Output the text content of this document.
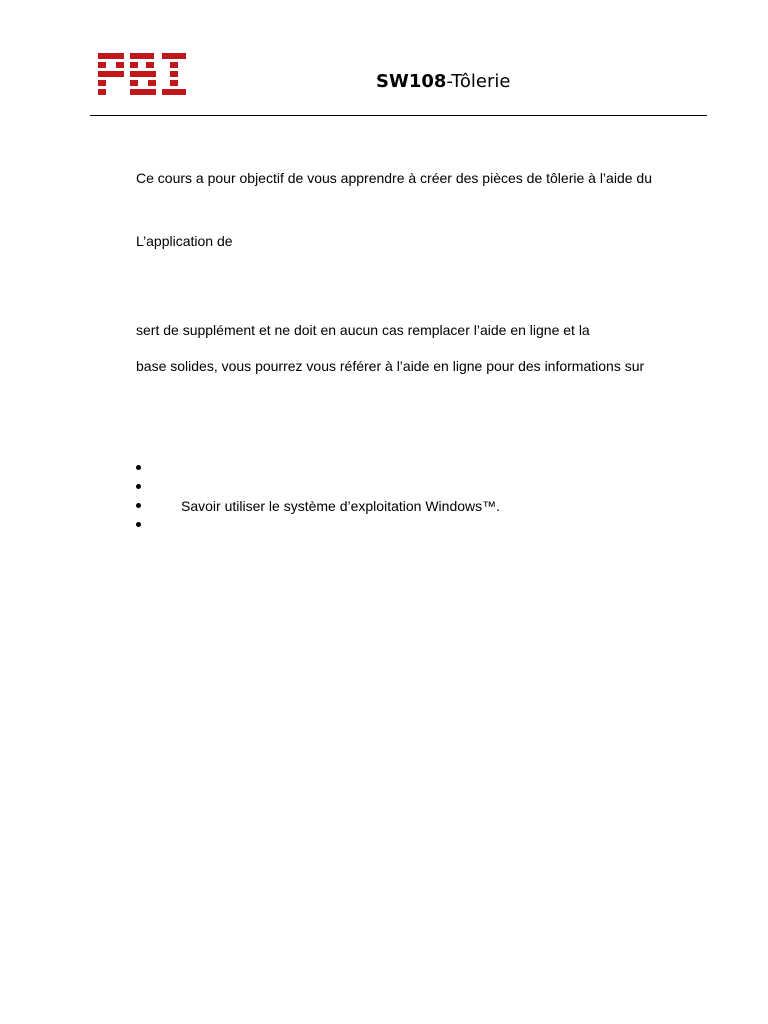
SW108-Tôlerie
Ce cours a pour objectif de vous apprendre à créer des pièces de tôlerie à l’aide du
L’application de
sert de supplément et ne doit en aucun cas remplacer l’aide en ligne et la
base solides, vous pourrez vous référer à l’aide en ligne pour des informations sur
Savoir utiliser le système d’exploitation Windows™.
